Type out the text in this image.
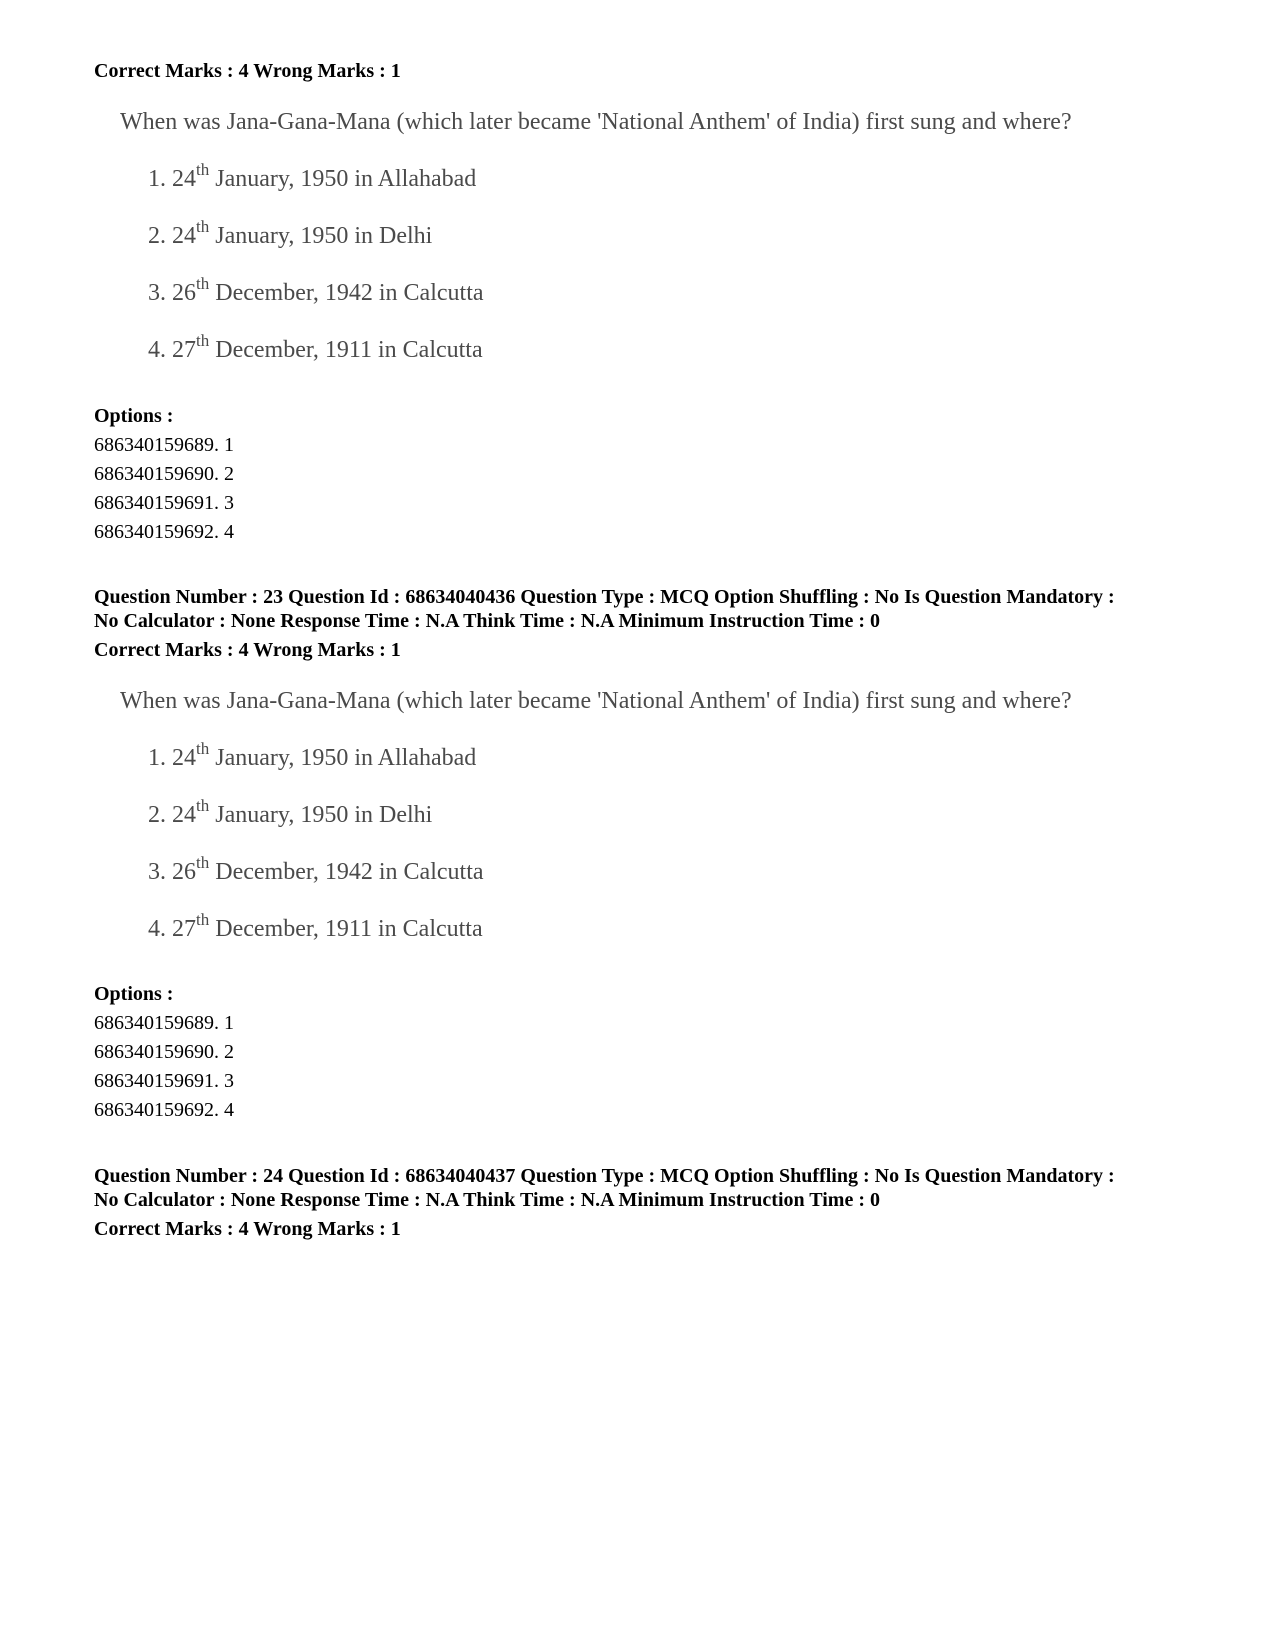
Correct Marks : 4 Wrong Marks : 1
When was Jana-Gana-Mana (which later became 'National Anthem' of India) first sung and where?
1. 24th January, 1950 in Allahabad
2. 24th January, 1950 in Delhi
3. 26th December, 1942 in Calcutta
4. 27th December, 1911 in Calcutta
Options :
686340159689. 1
686340159690. 2
686340159691. 3
686340159692. 4
Question Number : 23 Question Id : 68634040436 Question Type : MCQ Option Shuffling : No Is Question Mandatory :
No Calculator : None Response Time : N.A Think Time : N.A Minimum Instruction Time : 0
Correct Marks : 4 Wrong Marks : 1
When was Jana-Gana-Mana (which later became 'National Anthem' of India) first sung and where?
1. 24th January, 1950 in Allahabad
2. 24th January, 1950 in Delhi
3. 26th December, 1942 in Calcutta
4. 27th December, 1911 in Calcutta
Options :
686340159689. 1
686340159690. 2
686340159691. 3
686340159692. 4
Question Number : 24 Question Id : 68634040437 Question Type : MCQ Option Shuffling : No Is Question Mandatory :
No Calculator : None Response Time : N.A Think Time : N.A Minimum Instruction Time : 0
Correct Marks : 4 Wrong Marks : 1
